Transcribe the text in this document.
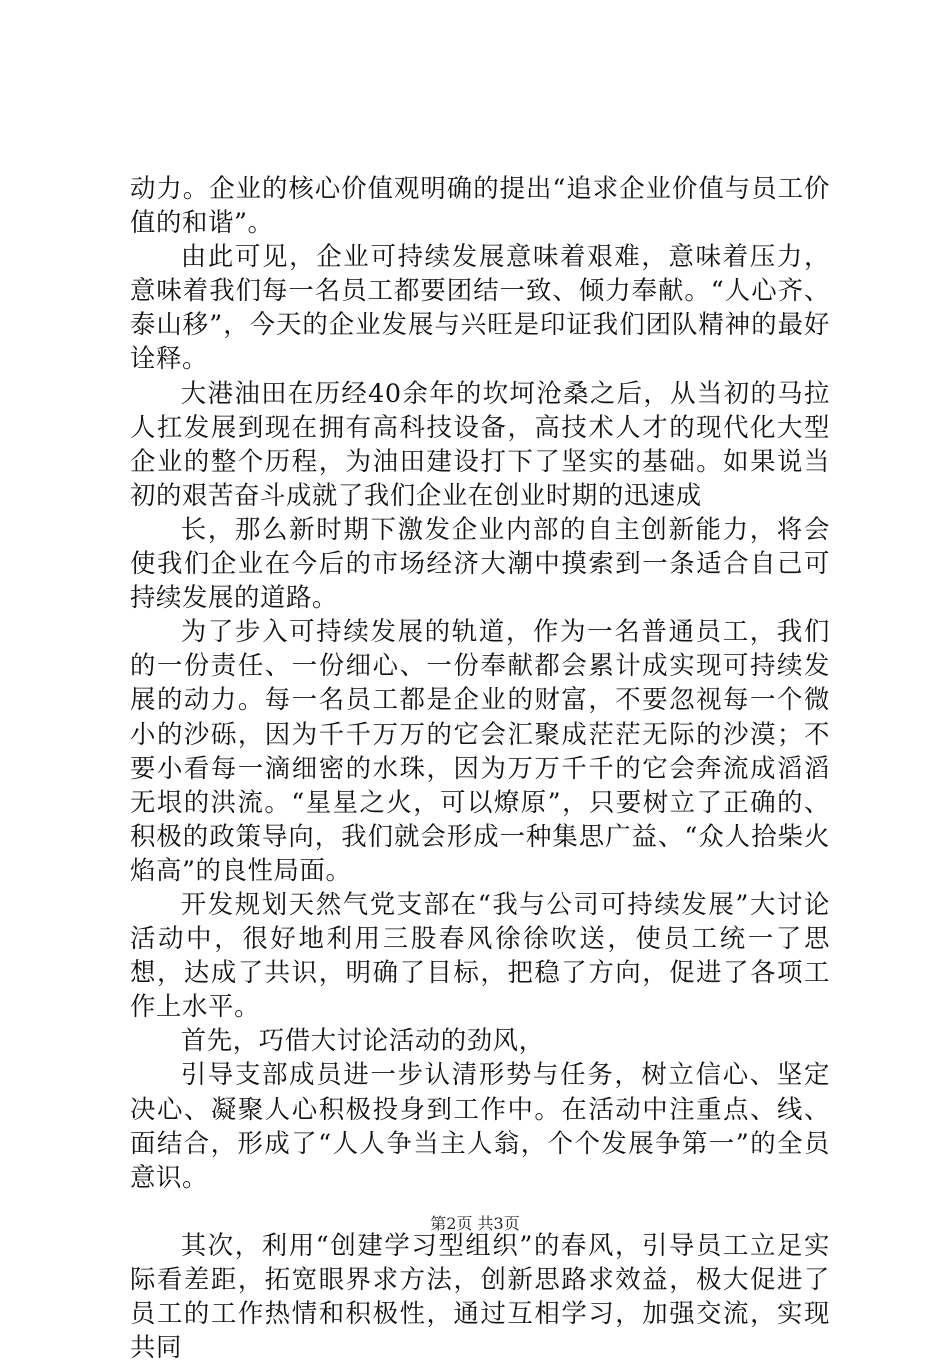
动力。企业的核心价值观明确的提出“追求企业价值与员工价值的和谐”。

由此可见，企业可持续发展意味着艰难，意味着压力，意味着我们每一名员工都要团结一致、倾力奉献。“人心齐、泰山移”，今天的企业发展与兴旺是印证我们团队精神的最好诠释。

大港油田在历经40余年的坎坷沧桑之后，从当初的马拉人扛发展到现在拥有高科技设备，高技术人才的现代化大型企业的整个历程，为油田建设打下了坚实的基础。如果说当初的艰苦奋斗成就了我们企业在创业时期的迅速成

长，那么新时期下激发企业内部的自主创新能力，将会使我们企业在今后的市场经济大潮中摸索到一条适合自己可持续发展的道路。

为了步入可持续发展的轨道，作为一名普通员工，我们的一份责任、一份细心、一份奉献都会累计成实现可持续发展的动力。每一名员工都是企业的财富，不要忽视每一个微小的沙砾，因为千千万万的它会汇聚成茫茫无际的沙漠；不要小看每一滴细密的水珠，因为万万千千的它会奔流成滔滔无垠的洪流。“星星之火，可以燎原”，只要树立了正确的、积极的政策导向，我们就会形成一种集思广益、“众人拾柴火焰高”的良性局面。

开发规划天然气党支部在“我与公司可持续发展”大讨论活动中，很好地利用三股春风徐徐吹送，使员工统一了思想，达成了共识，明确了目标，把稳了方向，促进了各项工作上水平。

首先，巧借大讨论活动的劲风，

引导支部成员进一步认清形势与任务，树立信心、坚定决心、凝聚人心积极投身到工作中。在活动中注重点、线、面结合，形成了“人人争当主人翁，个个发展争第一”的全员意识。

其次，利用“创建学习型组织”的春风，引导员工立足实际看差距，拓宽眼界求方法，创新思路求效益，极大促进了员工的工作热情和积极性，通过互相学习，加强交流，实现共同

第2页 共3页
